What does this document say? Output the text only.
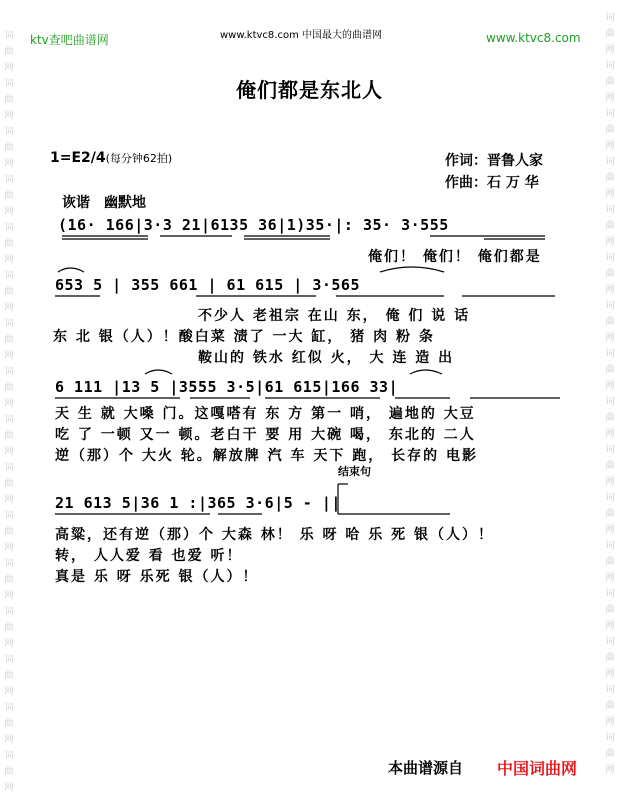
词
曲
网
词
曲
网
词
曲
网
词
曲
网
词
曲
网
词
曲
网
词
曲
网
词
曲
网
词
曲
网
词
曲
网
词
曲
网
词
曲
网
词
曲
网
词
曲
网
词
曲
网
词
曲
网
词
曲
网
词
曲
网
词
曲
网
词
曲
网
词
曲
网
词
曲
网
词
曲
网
词
曲
网
词
曲
网
词
曲
网
词
曲
网
词
曲
网
词
曲
网
词
曲
网
词
曲
网
词
曲
网
ktv查吧曲谱网	www.ktvc8.com 中国最大的曲谱网	www.ktvc8.com
俺们都是东北人
1=E2/4(每分钟62拍)	作词：晋鲁人家
作曲：石 万 华
诙谐　幽默地
(16· 166|3·3 21|6135 36|1)35·|: 35· 3·555
俺们！ 俺们！ 俺们都是
653 5 | 355 661 | 61 615 | 3·565
不少人 老祖宗 在山 东， 俺 们 说 话
东 北 银（人）！酸白菜 渍了 一大 缸， 猪 肉 粉 条
鞍山的 铁水 红似 火， 大 连 造 出
6 111 |13 5 |3555 3·5|61 615|166 33|
天 生 就 大嗓 门。这嘎嗒有 东 方 第一 哨， 遍地的 大豆
吃 了 一顿 又一 顿。老白干 要 用 大碗 喝， 东北的 二人
逆（那）个 大火 轮。解放牌 汽 车 天下 跑， 长存的 电影
结束句
21 613 5|36 1 :|365 3·6|5 - ||
高粱，还有逆（那）个 大森 林！ 乐 呀 哈 乐 死 银（人）！
转， 人人爱 看 也爱 听！
真是 乐 呀 乐死 银（人）！
本曲谱源自 中国词曲网
